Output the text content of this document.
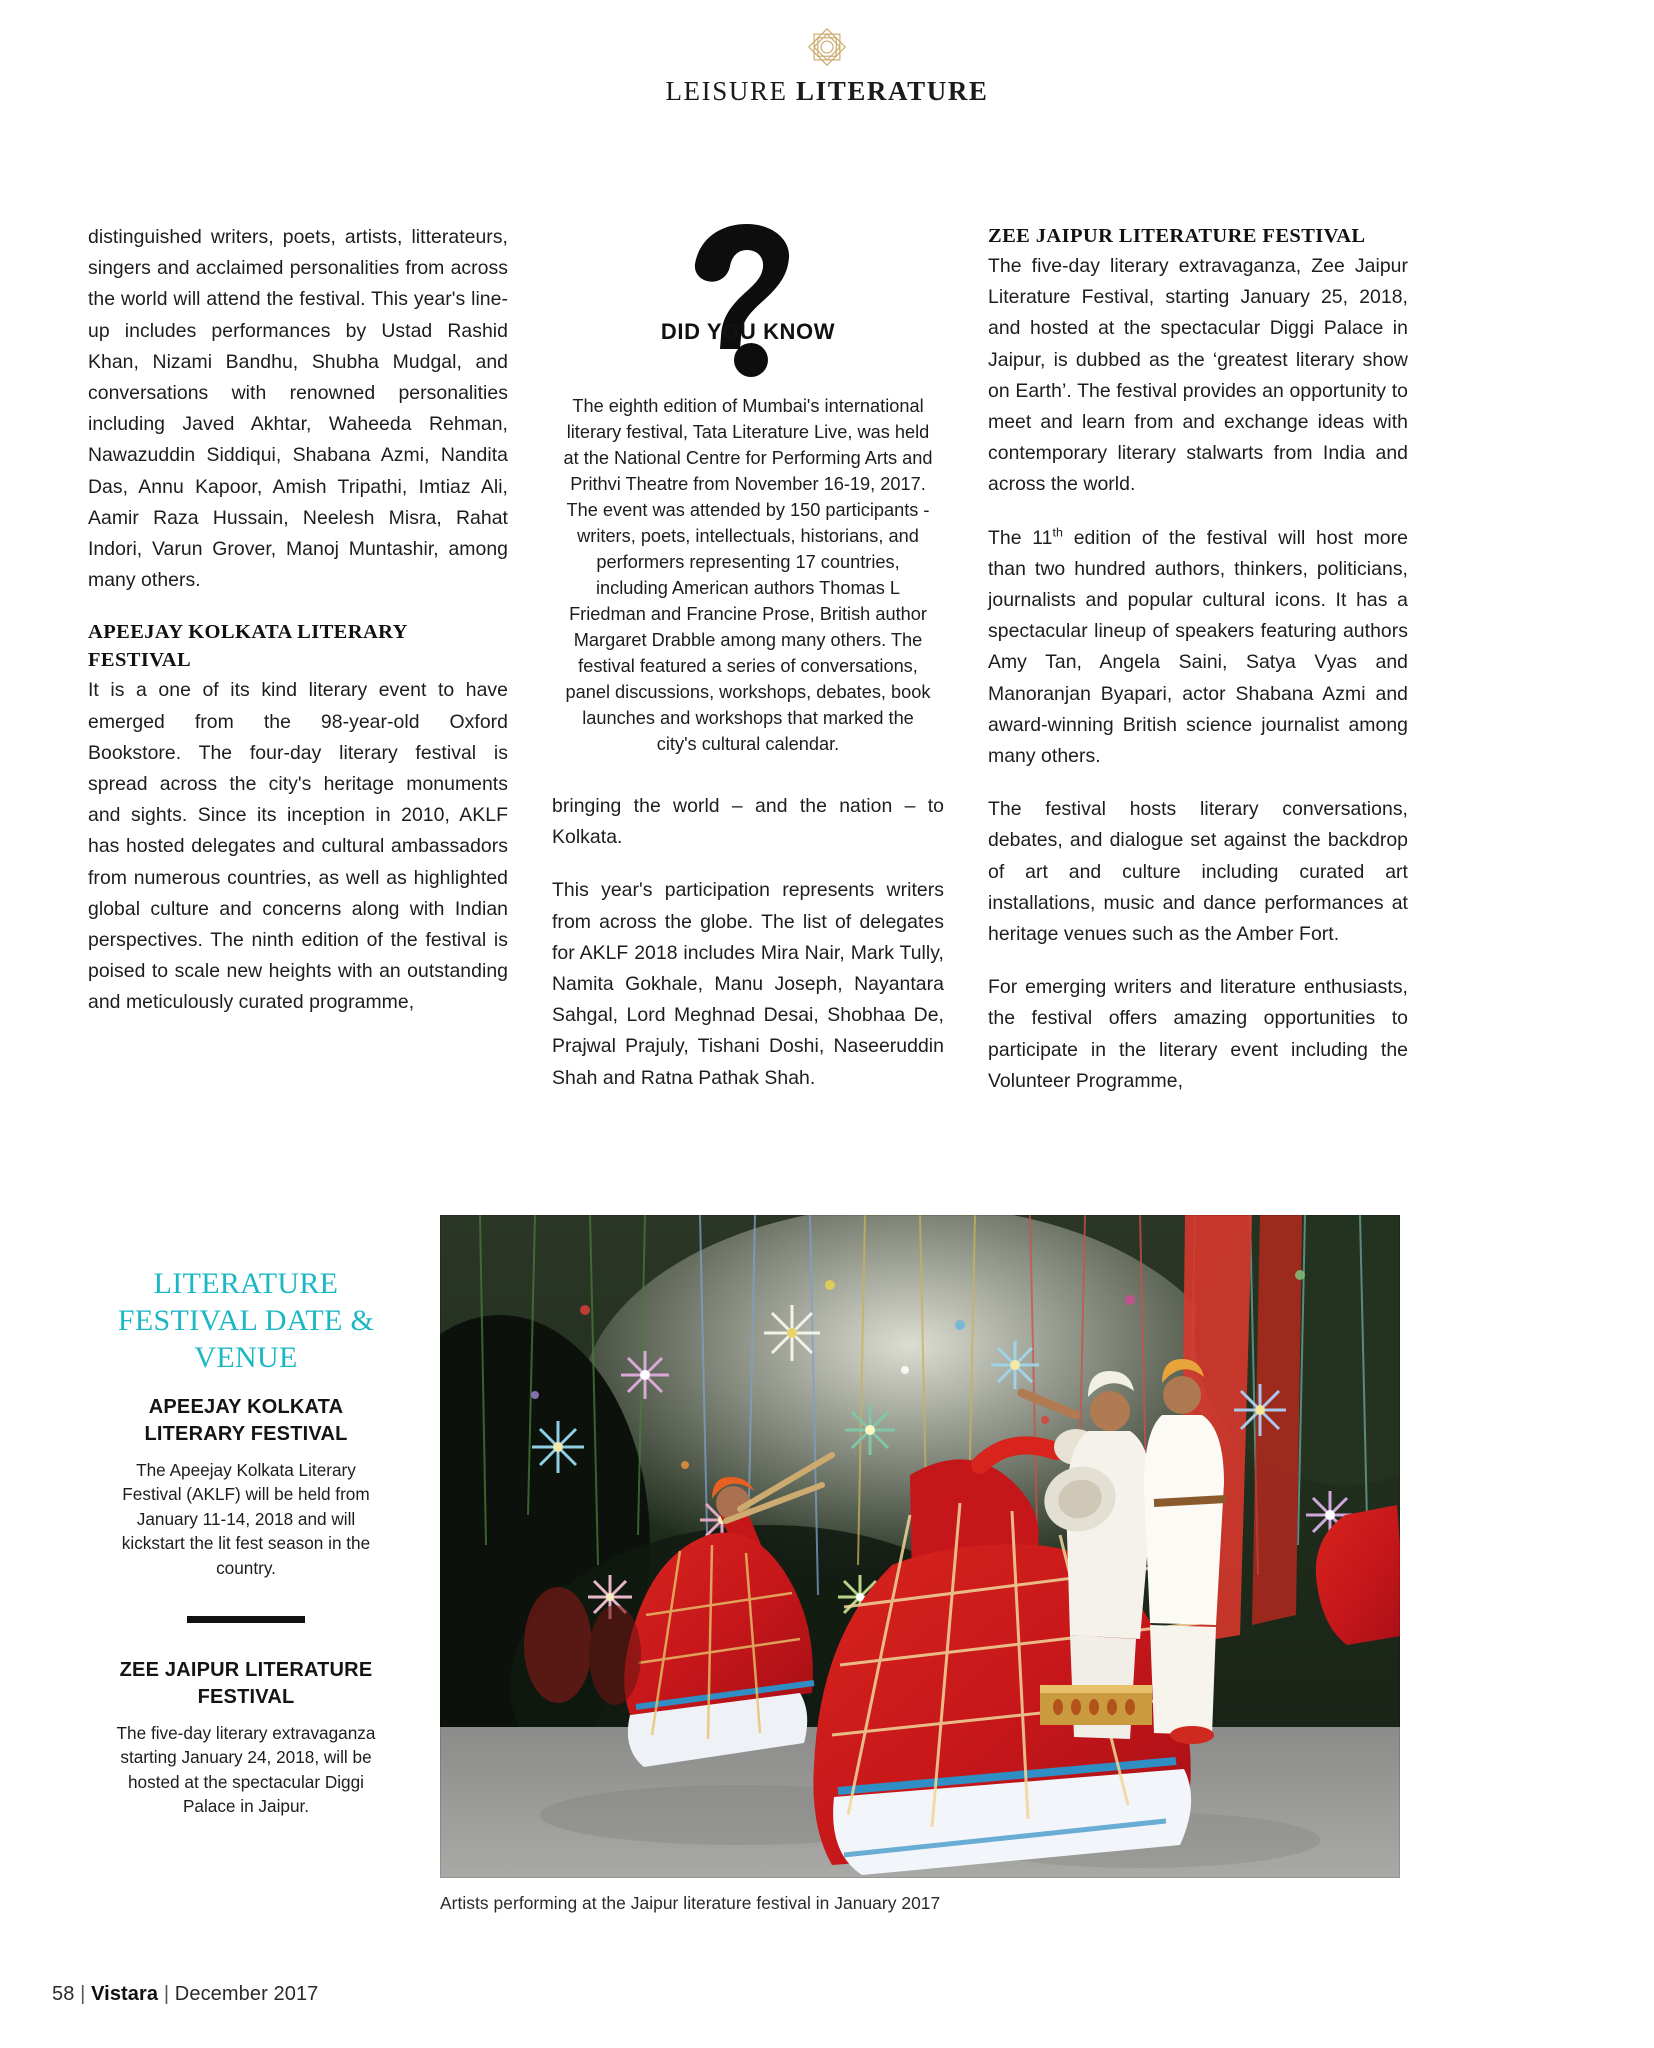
LEISURE LITERATURE

distinguished writers, poets, artists, litterateurs, singers and acclaimed personalities from across the world will attend the festival. This year's line-up includes performances by Ustad Rashid Khan, Nizami Bandhu, Shubha Mudgal, and conversations with renowned personalities including Javed Akhtar, Waheeda Rehman, Nawazuddin Siddiqui, Shabana Azmi, Nandita Das, Annu Kapoor, Amish Tripathi, Imtiaz Ali, Aamir Raza Hussain, Neelesh Misra, Rahat Indori, Varun Grover, Manoj Muntashir, among many others.

APEEJAY KOLKATA LITERARY FESTIVAL

It is a one of its kind literary event to have emerged from the 98-year-old Oxford Bookstore. The four-day literary festival is spread across the city's heritage monuments and sights. Since its inception in 2010, AKLF has hosted delegates and cultural ambassadors from numerous countries, as well as highlighted global culture and concerns along with Indian perspectives. The ninth edition of the festival is poised to scale new heights with an outstanding and meticulously curated programme,

DID YOU KNOW

The eighth edition of Mumbai's international literary festival, Tata Literature Live, was held at the National Centre for Performing Arts and Prithvi Theatre from November 16-19, 2017. The event was attended by 150 participants - writers, poets, intellectuals, historians, and performers representing 17 countries, including American authors Thomas L Friedman and Francine Prose, British author Margaret Drabble among many others. The festival featured a series of conversations, panel discussions, workshops, debates, book launches and workshops that marked the city's cultural calendar.

bringing the world – and the nation – to Kolkata.

This year's participation represents writers from across the globe. The list of delegates for AKLF 2018 includes Mira Nair, Mark Tully, Namita Gokhale, Manu Joseph, Nayantara Sahgal, Lord Meghnad Desai, Shobhaa De, Prajwal Prajuly, Tishani Doshi, Naseeruddin Shah and Ratna Pathak Shah.

ZEE JAIPUR LITERATURE FESTIVAL

The five-day literary extravaganza, Zee Jaipur Literature Festival, starting January 25, 2018, and hosted at the spectacular Diggi Palace in Jaipur, is dubbed as the ‘greatest literary show on Earth’. The festival provides an opportunity to meet and learn from and exchange ideas with contemporary literary stalwarts from India and across the world.

The 11th edition of the festival will host more than two hundred authors, thinkers, politicians, journalists and popular cultural icons. It has a spectacular lineup of speakers featuring authors Amy Tan, Angela Saini, Satya Vyas and Manoranjan Byapari, actor Shabana Azmi and award-winning British science journalist among many others.

The festival hosts literary conversations, debates, and dialogue set against the backdrop of art and culture including curated art installations, music and dance performances at heritage venues such as the Amber Fort.

For emerging writers and literature enthusiasts, the festival offers amazing opportunities to participate in the literary event including the Volunteer Programme,

LITERATURE FESTIVAL DATE & VENUE
APEEJAY KOLKATA LITERARY FESTIVAL

The Apeejay Kolkata Literary Festival (AKLF) will be held from January 11-14, 2018 and will kickstart the lit fest season in the country.

ZEE JAIPUR LITERATURE FESTIVAL

The five-day literary extravaganza starting January 24, 2018, will be hosted at the spectacular Diggi Palace in Jaipur.

Artists performing at the Jaipur literature festival in January 2017
58 | Vistara | December 2017
